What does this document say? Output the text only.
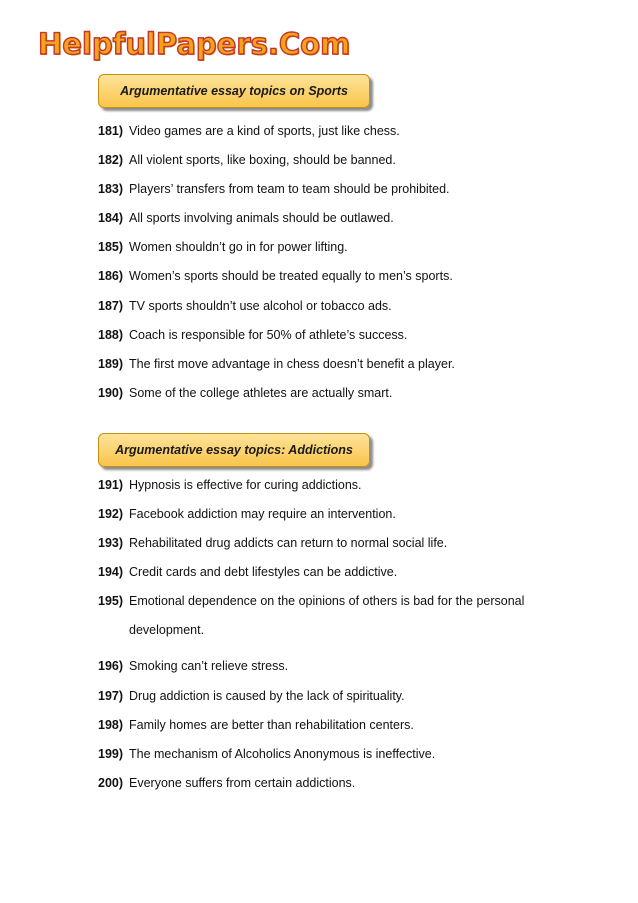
HelpfulPapers.Com
Argumentative essay topics on Sports
181) Video games are a kind of sports, just like chess.
182) All violent sports, like boxing, should be banned.
183) Players’ transfers from team to team should be prohibited.
184) All sports involving animals should be outlawed.
185) Women shouldn’t go in for power lifting.
186) Women’s sports should be treated equally to men’s sports.
187) TV sports shouldn’t use alcohol or tobacco ads.
188) Coach is responsible for 50% of athlete’s success.
189) The first move advantage in chess doesn’t benefit a player.
190) Some of the college athletes are actually smart.
Argumentative essay topics: Addictions
191) Hypnosis is effective for curing addictions.
192) Facebook addiction may require an intervention.
193) Rehabilitated drug addicts can return to normal social life.
194) Credit cards and debt lifestyles can be addictive.
195) Emotional dependence on the opinions of others is bad for the personal development.
196) Smoking can’t relieve stress.
197) Drug addiction is caused by the lack of spirituality.
198) Family homes are better than rehabilitation centers.
199) The mechanism of Alcoholics Anonymous is ineffective.
200) Everyone suffers from certain addictions.
